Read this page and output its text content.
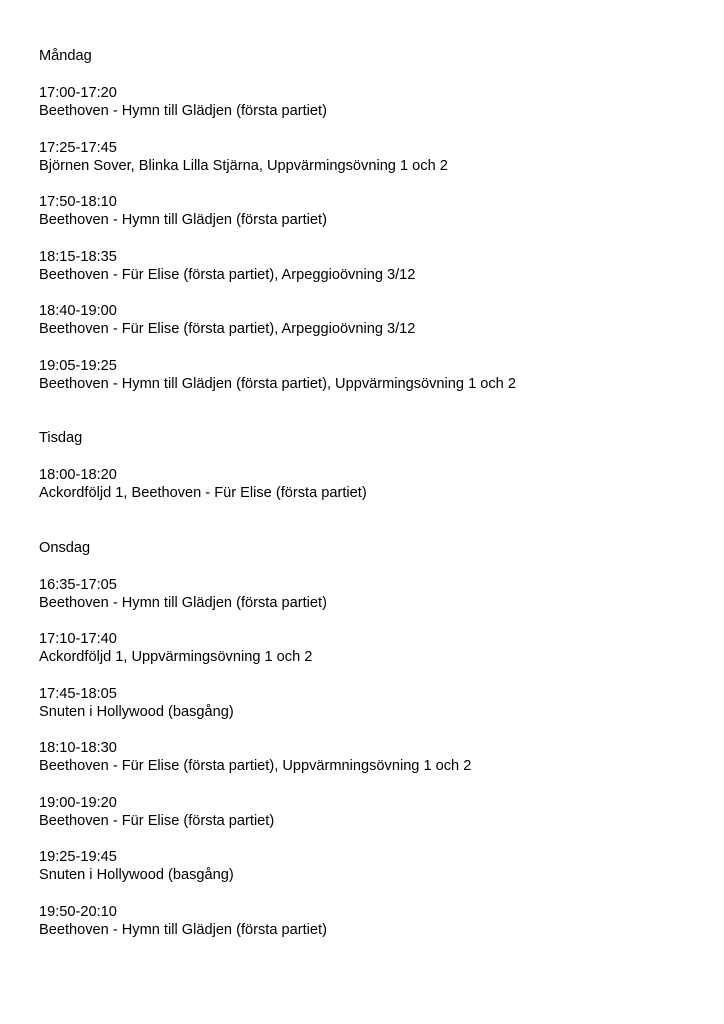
Måndag
17:00-17:20
Beethoven - Hymn till Glädjen (första partiet)
17:25-17:45
Björnen Sover, Blinka Lilla Stjärna, Uppvärmingsövning 1 och 2
17:50-18:10
Beethoven - Hymn till Glädjen (första partiet)
18:15-18:35
Beethoven - Für Elise (första partiet), Arpeggioövning 3/12
18:40-19:00
Beethoven - Für Elise (första partiet), Arpeggioövning 3/12
19:05-19:25
Beethoven - Hymn till Glädjen (första partiet), Uppvärmingsövning 1 och 2
Tisdag
18:00-18:20
Ackordföljd 1, Beethoven - Für Elise (första partiet)
Onsdag
16:35-17:05
Beethoven - Hymn till Glädjen (första partiet)
17:10-17:40
Ackordföljd 1, Uppvärmingsövning 1 och 2
17:45-18:05
Snuten i Hollywood (basgång)
18:10-18:30
Beethoven - Für Elise (första partiet), Uppvärmningsövning 1 och 2
19:00-19:20
Beethoven - Für Elise (första partiet)
19:25-19:45
Snuten i Hollywood (basgång)
19:50-20:10
Beethoven - Hymn till Glädjen (första partiet)
